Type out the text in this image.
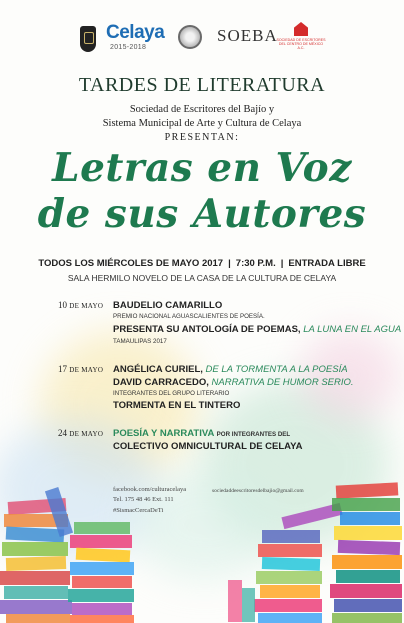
Celaya
2015-2018
SOEBA
SOCIEDAD DE ESCRITORES DEL CENTRO DE MÉXICO A.C.
TARDES DE LITERATURA
Sociedad de Escritores del Bajío y
Sistema Municipal de Arte y Cultura de Celaya
PRESENTAN:
Letras en Voz
de sus Autores
TODOS LOS MIÉRCOLES DE MAYO 2017 | 7:30 P.M. | ENTRADA LIBRE
SALA HERMILO NOVELO DE LA CASA DE LA CULTURA DE CELAYA
10 DE MAYO BAUDELIO CAMARILLO
PREMIO NACIONAL AGUASCALIENTES DE POESÍA.
PRESENTA SU ANTOLOGÍA DE POEMAS, LA LUNA EN EL AGUA
TAMAULIPAS 2017
17 DE MAYO ANGÉLICA CURIEL, DE LA TORMENTA A LA POESÍA
DAVID CARRACEDO, NARRATIVA DE HUMOR SERIO.
INTEGRANTES DEL GRUPO LITERARIO
TORMENTA EN EL TINTERO
24 DE MAYO POESÍA Y NARRATIVA POR INTEGRANTES DEL
COLECTIVO OMNICULTURAL DE CELAYA
facebook.com/culturacelaya
Tel. 175 48 46 Ext. 111
#SismacCercaDeTi
sociedaddeescritoresdelbajio@gmail.com
